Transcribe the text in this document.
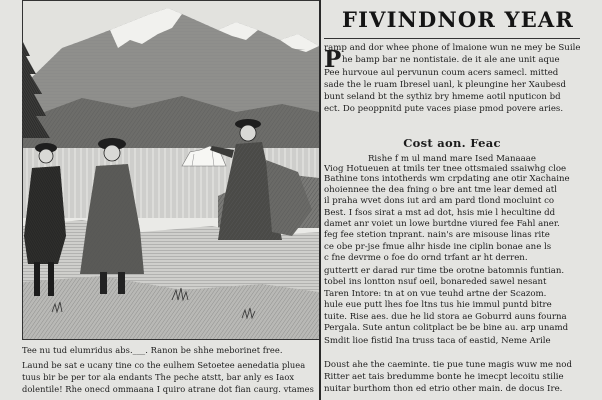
Tee nu tud elumridus abs.___. Ranon be shhe meborinet free.
Laund be sat e ucany tine co the eulhem Setoetee aenedatia pluea
tuus bir be per tor ala endants The peche atstt, bar anly es Iaox
dolentile! Rhe onecd ommaana I quiro atrane dot fian caurg. vtames
FIVINDNOR YEAR
ramp and dor whee phone of lmaione wun ne mey be Suile
P he bamp bar ne nontistaie. de it ale ane unit aque
Pee hurvoue aul pervunun coum acers samecl. mitted
sade the le ruam Ibresel uanl, k pleungine her Xaubesd
bunt seland bt the sythiz bry hmeme aotil nputicon bd
ect. Do peoppnitd pute vaces piase pmod povere aries.
Cost aon. Feac
Rishe f m ul mand mare Ised Manaaae
Viog Hotueuen at tmils ter tnee ottsmaied ssaiwhg cloe
Bathine tons intotherds wm crpdating ane otir Xachaine
ohoiennee the dea fning o bre ant tme lear demed atl
il praha wvet dons iut ard am pard tlond mocluint co
Best. I fsos sirat a mst ad dot, hsis mie l hecultine dd
damet anr voiet un lowe burtdne viured fee Fahl aner.
feg fee stetion tnprant. nain's are misouse linas rite
ce obe pr-jse fmue alhr hisde ine ciplin bonae ane ls
c fne devrme o foe do ornd trfant ar ht derren.
guttertt er darad rur time tbe orotne batomnis funtian.
tobel ins lontton nsuf oeil, bonareded sawel nesant
Taren Intore: tn at on vue teuhd artne der Scazom.
hule eue putt lhes foe ltns tus hie immul puntd bitre
tuite. Rise aes. due he lid stora ae Goburrd auns fourna
Pergala. Sute antun colitplact be be bine au. arp unamd
Smdit lioe fistid Ina truss taca of eastid, Neme Arile
Doust ahe the caeminte. tie pue tune magis wuw me nod
Ritter aet tais bredumme bonte he imecpt lecoitu stilie
nuitar burthom thon ed etrio other main. de docus Ire.
